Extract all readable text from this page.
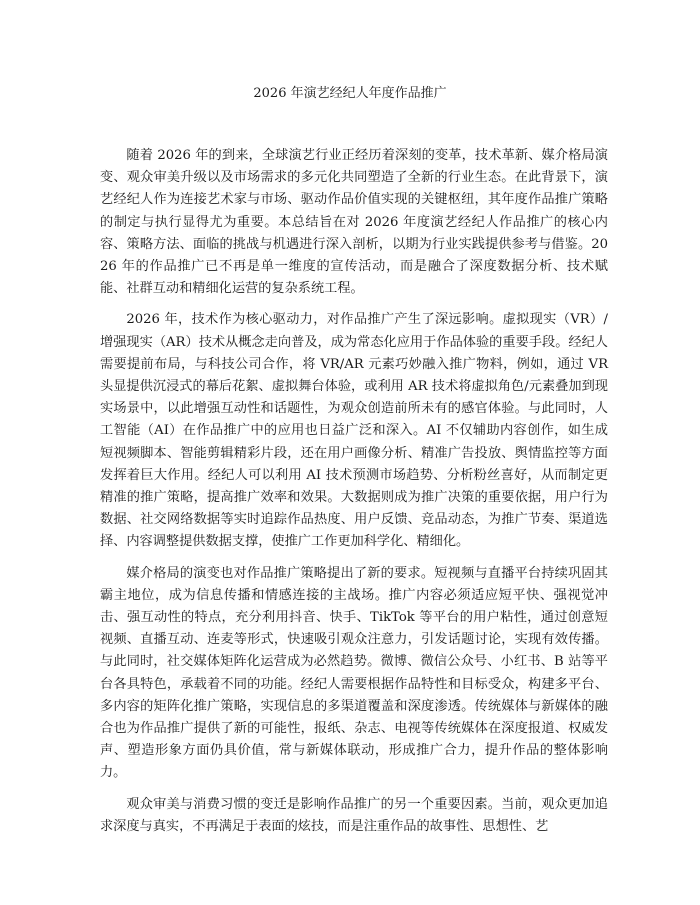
2026 年演艺经纪人年度作品推广

随着 2026 年的到来，全球演艺行业正经历着深刻的变革，技术革新、媒介格局演变、观众审美升级以及市场需求的多元化共同塑造了全新的行业生态。在此背景下，演艺经纪人作为连接艺术家与市场、驱动作品价值实现的关键枢纽，其年度作品推广策略的制定与执行显得尤为重要。本总结旨在对 2026 年度演艺经纪人作品推广的核心内容、策略方法、面临的挑战与机遇进行深入剖析，以期为行业实践提供参考与借鉴。2026 年的作品推广已不再是单一维度的宣传活动，而是融合了深度数据分析、技术赋能、社群互动和精细化运营的复杂系统工程。

2026 年，技术作为核心驱动力，对作品推广产生了深远影响。虚拟现实（VR）/增强现实（AR）技术从概念走向普及，成为常态化应用于作品体验的重要手段。经纪人需要提前布局，与科技公司合作，将 VR/AR 元素巧妙融入推广物料，例如，通过 VR 头显提供沉浸式的幕后花絮、虚拟舞台体验，或利用 AR 技术将虚拟角色/元素叠加到现实场景中，以此增强互动性和话题性，为观众创造前所未有的感官体验。与此同时，人工智能（AI）在作品推广中的应用也日益广泛和深入。AI 不仅辅助内容创作，如生成短视频脚本、智能剪辑精彩片段，还在用户画像分析、精准广告投放、舆情监控等方面发挥着巨大作用。经纪人可以利用 AI 技术预测市场趋势、分析粉丝喜好，从而制定更精准的推广策略，提高推广效率和效果。大数据则成为推广决策的重要依据，用户行为数据、社交网络数据等实时追踪作品热度、用户反馈、竞品动态，为推广节奏、渠道选择、内容调整提供数据支撑，使推广工作更加科学化、精细化。

媒介格局的演变也对作品推广策略提出了新的要求。短视频与直播平台持续巩固其霸主地位，成为信息传播和情感连接的主战场。推广内容必须适应短平快、强视觉冲击、强互动性的特点，充分利用抖音、快手、TikTok 等平台的用户粘性，通过创意短视频、直播互动、连麦等形式，快速吸引观众注意力，引发话题讨论，实现有效传播。与此同时，社交媒体矩阵化运营成为必然趋势。微博、微信公众号、小红书、B 站等平台各具特色，承载着不同的功能。经纪人需要根据作品特性和目标受众，构建多平台、多内容的矩阵化推广策略，实现信息的多渠道覆盖和深度渗透。传统媒体与新媒体的融合也为作品推广提供了新的可能性，报纸、杂志、电视等传统媒体在深度报道、权威发声、塑造形象方面仍具价值，常与新媒体联动，形成推广合力，提升作品的整体影响力。

观众审美与消费习惯的变迁是影响作品推广的另一个重要因素。当前，观众更加追求深度与真实，不再满足于表面的炫技，而是注重作品的故事性、思想性、艺
